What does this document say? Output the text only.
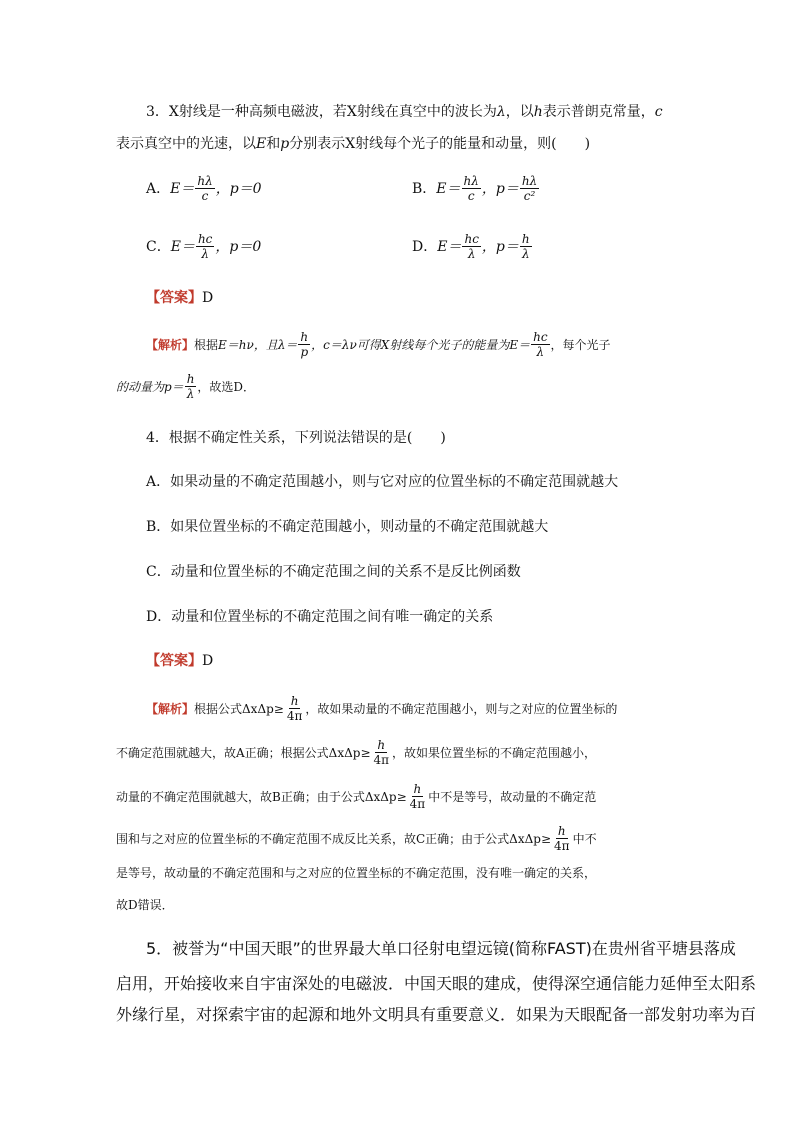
3．X射线是一种高频电磁波，若X射线在真空中的波长为λ，以h表示普朗克常量，c
表示真空中的光速，以E和p分别表示X射线每个光子的能量和动量，则(　　)
A． $E= \frac{h\lambda}{c}$ ，p＝0	B． $E= \frac{h\lambda}{c}$ ，$p= \frac{h\lambda}{\text{c²}}$
C． $E= \frac{hc}{\lambda}$ ，p＝0	D． $E= \frac{hc}{\lambda}$ ，$p= \frac{h}{\lambda}$
【答案】D
【解析】 根据 E＝hν，且$\lambda= \frac{h}{p}$ ，c＝λν可得X射线每个光子的能量为$E= \frac{hc}{\lambda}$ ，每个光子
的动量为$p= \frac{h}{\lambda}$ ，故选D．
4．根据不确定性关系，下列说法错误的是(　　)
A．如果动量的不确定范围越小，则与它对应的位置坐标的不确定范围就越大
B．如果位置坐标的不确定范围越小，则动量的不确定范围就越大
C．动量和位置坐标的不确定范围之间的关系不是反比例函数
D．动量和位置坐标的不确定范围之间有唯一确定的关系
【答案】D
【解析】 根据公式$\Delta x\Delta p\ge \frac{h}{4\pi}$ ，故如果动量的不确定范围越小，则与之对应的位置坐标的
不确定范围就越大，故A正确；根据公式$\Delta x\Delta p\ge \frac{h}{4\pi}$ ，故如果位置坐标的不确定范围越小，
动量的不确定范围就越大，故B正确；由于公式$\Delta x\Delta p\ge \frac{h}{4\pi}$ 中不是等号，故动量的不确定范
围和与之对应的位置坐标的不确定范围不成反比关系，故C正确；由于公式$\Delta x\Delta p\ge \frac{h}{4\pi}$ 中不
是等号，故动量的不确定范围和与之对应的位置坐标的不确定范围，没有唯一确定的关系，
故D错误．
5．被誉为“中国天眼”的世界最大单口径射电望远镜(简称FAST)在贵州省平塘县落成
启用，开始接收来自宇宙深处的电磁波．中国天眼的建成，使得深空通信能力延伸至太阳系
外缘行星，对探索宇宙的起源和地外文明具有重要意义．如果为天眼配备一部发射功率为百
